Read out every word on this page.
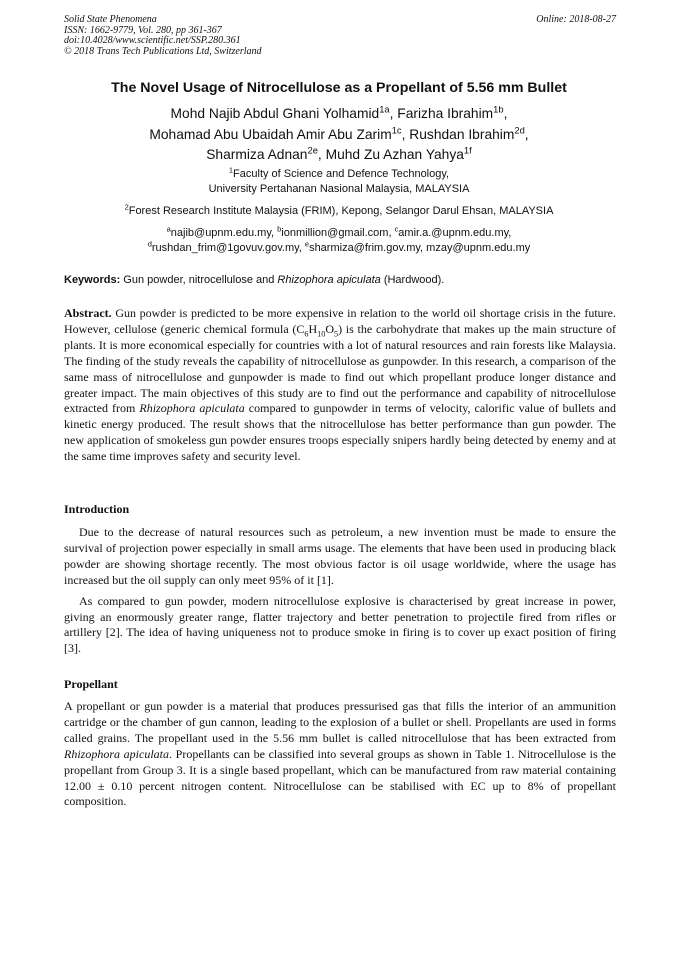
Solid State Phenomena
ISSN: 1662-9779, Vol. 280, pp 361-367
doi:10.4028/www.scientific.net/SSP.280.361
© 2018 Trans Tech Publications Ltd, Switzerland
Online: 2018-08-27
The Novel Usage of Nitrocellulose as a Propellant of 5.56 mm Bullet
Mohd Najib Abdul Ghani Yolhamid$^{1a}$, Farizha Ibrahim$^{1b}$,
Mohamad Abu Ubaidah Amir Abu Zarim$^{1c}$, Rushdan Ibrahim$^{2d}$,
Sharmiza Adnan$^{2e}$, Muhd Zu Azhan Yahya$^{1f}$
$^1$Faculty of Science and Defence Technology,
University Pertahanan Nasional Malaysia, MALAYSIA
$^2$Forest Research Institute Malaysia (FRIM), Kepong, Selangor Darul Ehsan, MALAYSIA
$^a$najib@upnm.edu.my, $^b$ionmillion@gmail.com, $^c$amir.a.@upnm.edu.my,
$^d$rushdan_frim@1govuv.gov.my, $^e$sharmiza@frim.gov.my, mzay@upnm.edu.my
Keywords: Gun powder, nitrocellulose and Rhizophora apiculata (Hardwood).

Abstract. Gun powder is predicted to be more expensive in relation to the world oil shortage crisis in the future. However, cellulose (generic chemical formula $(C_6H_{10}O_5)$ is the carbohydrate that makes up the main structure of plants. It is more economical especially for countries with a lot of natural resources and rain forests like Malaysia. The finding of the study reveals the capability of nitrocellulose as gunpowder. In this research, a comparison of the same mass of nitrocellulose and gunpowder is made to find out which propellant produce longer distance and greater impact. The main objectives of this study are to find out the performance and capability of nitrocellulose extracted from Rhizophora apiculata compared to gunpowder in terms of velocity, calorific value of bullets and kinetic energy produced. The result shows that the nitrocellulose has better performance than gun powder. The new application of smokeless gun powder ensures troops especially snipers hardly being detected by enemy and at the same time improves safety and security level.

Introduction

Due to the decrease of natural resources such as petroleum, a new invention must be made to ensure the survival of projection power especially in small arms usage. The elements that have been used in producing black powder are showing shortage recently. The most obvious factor is oil usage worldwide, where the usage has increased but the oil supply can only meet 95% of it [1].

As compared to gun powder, modern nitrocellulose explosive is characterised by great increase in power, giving an enormously greater range, flatter trajectory and better penetration to projectile fired from rifles or artillery [2]. The idea of having uniqueness not to produce smoke in firing is to cover up exact position of firing [3].

Propellant

A propellant or gun powder is a material that produces pressurised gas that fills the interior of an ammunition cartridge or the chamber of gun cannon, leading to the explosion of a bullet or shell. Propellants are used in forms called grains. The propellant used in the 5.56 mm bullet is called nitrocellulose that has been extracted from Rhizophora apiculata. Propellants can be classified into several groups as shown in Table 1. Nitrocellulose is the propellant from Group 3. It is a single based propellant, which can be manufactured from raw material containing 12.00 ± 0.10 percent nitrogen content. Nitrocellulose can be stabilised with EC up to 8% of propellant composition.
